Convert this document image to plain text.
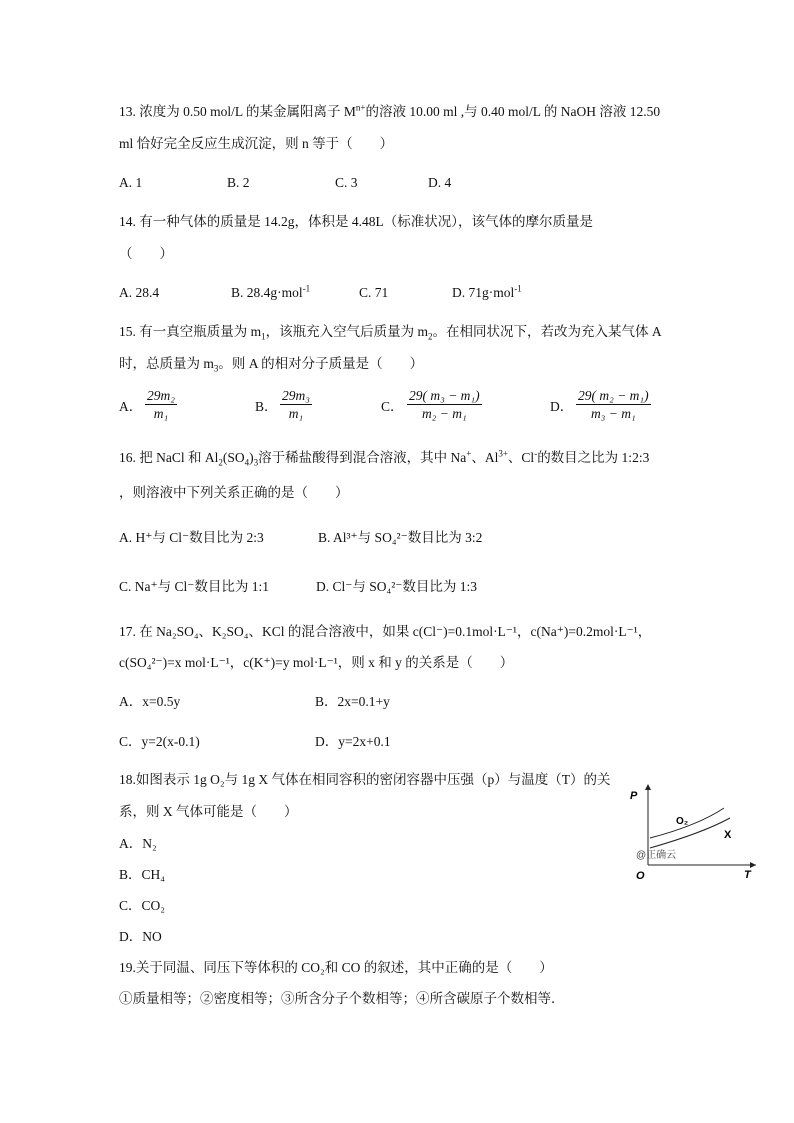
13. 浓度为 0.50 mol/L 的某金属阳离子 $M^{n+}$的溶液 10.00 ml ,与 0.40 mol/L 的 NaOH 溶液 12.50
ml 恰好完全反应生成沉淀，则 n 等于（　　）
A. 1	B. 2	C. 3	D. 4
14. 有一种气体的质量是 14.2g，体积是 4.48L（标准状况），该气体的摩尔质量是
（　　）
A. 28.4	B. 28.4g·mol$^{-1}$	C. 71	D. 71g·mol$^{-1}$
15. 有一真空瓶质量为 $m_1$，该瓶充入空气后质量为 $m_2$。在相同状况下，若改为充入某气体 A
时，总质量为 $m_3$。则 A 的相对分子质量是（　　）
A． $\frac{\text{29m₂}}{\text{m₁}}$	B． $\frac{\text{29m₃}}{\text{m₁}}$	C． $\frac{\text{29( m₃ − m₁)}}{\text{m₂ − m₁}}$	D． $\frac{\text{29( m₂ − m₁)}}{\text{m₃ − m₁}}$
16. 把 NaCl 和 $Al_2(SO_4)_3$溶于稀盐酸得到混合溶液，其中 Na+、$Al^{3+}$、Cl-的数目之比为 1:2:3
，则溶液中下列关系正确的是（　　）
A. H⁺与 Cl⁻数目比为 2:3	B. Al³⁺与 SO₄²⁻数目比为 3:2
C. Na⁺与 Cl⁻数目比为 1:1	D. Cl⁻与 SO₄²⁻数目比为 1:3
17. 在 Na₂SO₄、K₂SO₄、KCl 的混合溶液中，如果 c(Cl⁻)=0.1mol·L⁻¹，c(Na⁺)=0.2mol·L⁻¹，
c(SO₄²⁻)=x mol·L⁻¹，c(K⁺)=y mol·L⁻¹，则 x 和 y 的关系是（　　）
A．x=0.5y	B．2x=0.1+y
C．y=2(x-0.1)	D．y=2x+0.1
18.如图表示 1g O₂与 1g X 气体在相同容积的密闭容器中压强（p）与温度（T）的关
系，则 X 气体可能是（　　）
A．N₂
B．CH₄
C．CO₂
D．NO
P
T
O
O₂
X
@正确云
19.关于同温、同压下等体积的 CO₂和 CO 的叙述，其中正确的是（　　）
①质量相等；②密度相等；③所含分子个数相等；④所含碳原子个数相等．
